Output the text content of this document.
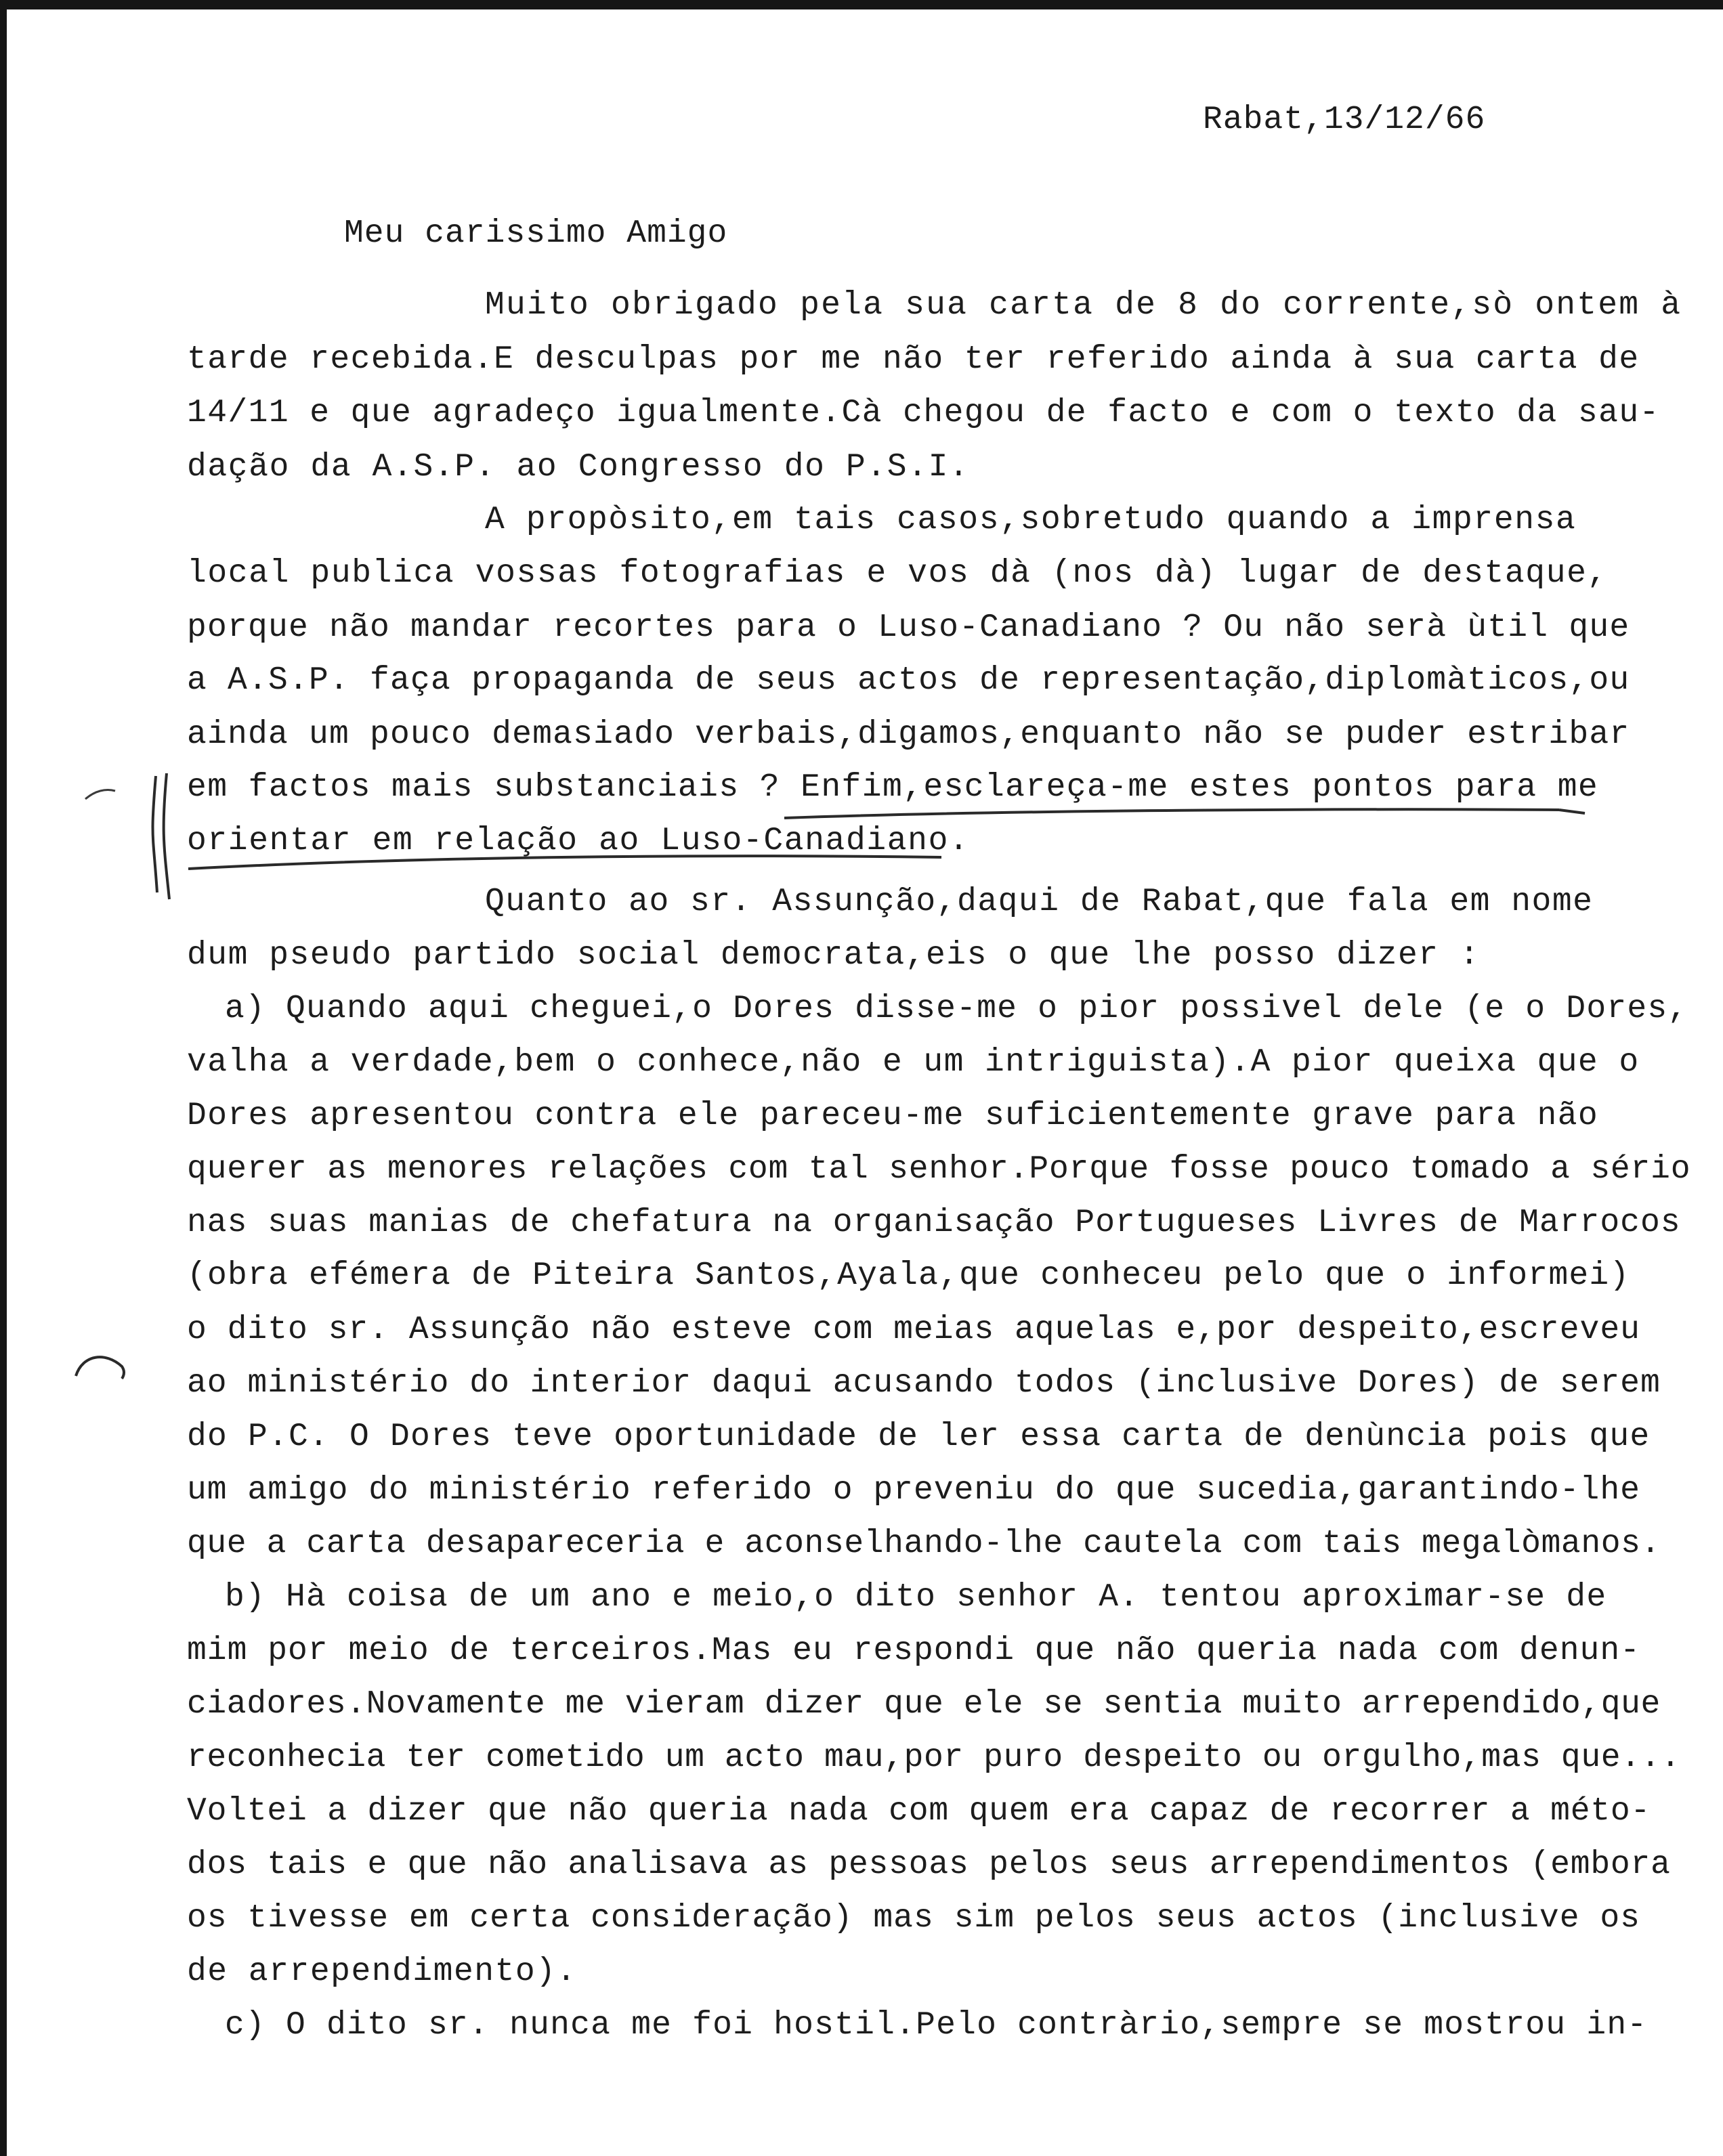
Rabat,13/12/66
Meu carissimo Amigo
Muito obrigado pela sua carta de 8 do corrente,sò ontem à
tarde recebida.E desculpas por me não ter referido ainda à sua carta de
14/11 e que agradeço igualmente.Cà chegou de facto e com o texto da sau-
dação da A.S.P. ao Congresso do P.S.I.
A propòsito,em tais casos,sobretudo quando a imprensa
local publica vossas fotografias e vos dà (nos dà) lugar de destaque,
porque não mandar recortes para o Luso-Canadiano ? Ou não serà ùtil que
a A.S.P. faça propaganda de seus actos de representação,diplomàticos,ou
ainda um pouco demasiado verbais,digamos,enquanto não se puder estribar
em factos mais substanciais ? Enfim,esclareça-me estes pontos para me
orientar em relação ao Luso-Canadiano.
Quanto ao sr. Assunção,daqui de Rabat,que fala em nome
dum pseudo partido social democrata,eis o que lhe posso dizer :
a) Quando aqui cheguei,o Dores disse-me o pior possivel dele (e o Dores,
valha a verdade,bem o conhece,não e um intriguista).A pior queixa que o
Dores apresentou contra ele pareceu-me suficientemente grave para não
querer as menores relações com tal senhor.Porque fosse pouco tomado a sério
nas suas manias de chefatura na organisação Portugueses Livres de Marrocos
(obra efémera de Piteira Santos,Ayala,que conheceu pelo que o informei)
o dito sr. Assunção não esteve com meias aquelas e,por despeito,escreveu
ao ministério do interior daqui acusando todos (inclusive Dores) de serem
do P.C. O Dores teve oportunidade de ler essa carta de denùncia pois que
um amigo do ministério referido o preveniu do que sucedia,garantindo-lhe
que a carta desapareceria e aconselhando-lhe cautela com tais megalòmanos.
b) Hà coisa de um ano e meio,o dito senhor A. tentou aproximar-se de
mim por meio de terceiros.Mas eu respondi que não queria nada com denun-
ciadores.Novamente me vieram dizer que ele se sentia muito arrependido,que
reconhecia ter cometido um acto mau,por puro despeito ou orgulho,mas que...
Voltei a dizer que não queria nada com quem era capaz de recorrer a méto-
dos tais e que não analisava as pessoas pelos seus arrependimentos (embora
os tivesse em certa consideração) mas sim pelos seus actos (inclusive os
de arrependimento).
c) O dito sr. nunca me foi hostil.Pelo contràrio,sempre se mostrou in-
